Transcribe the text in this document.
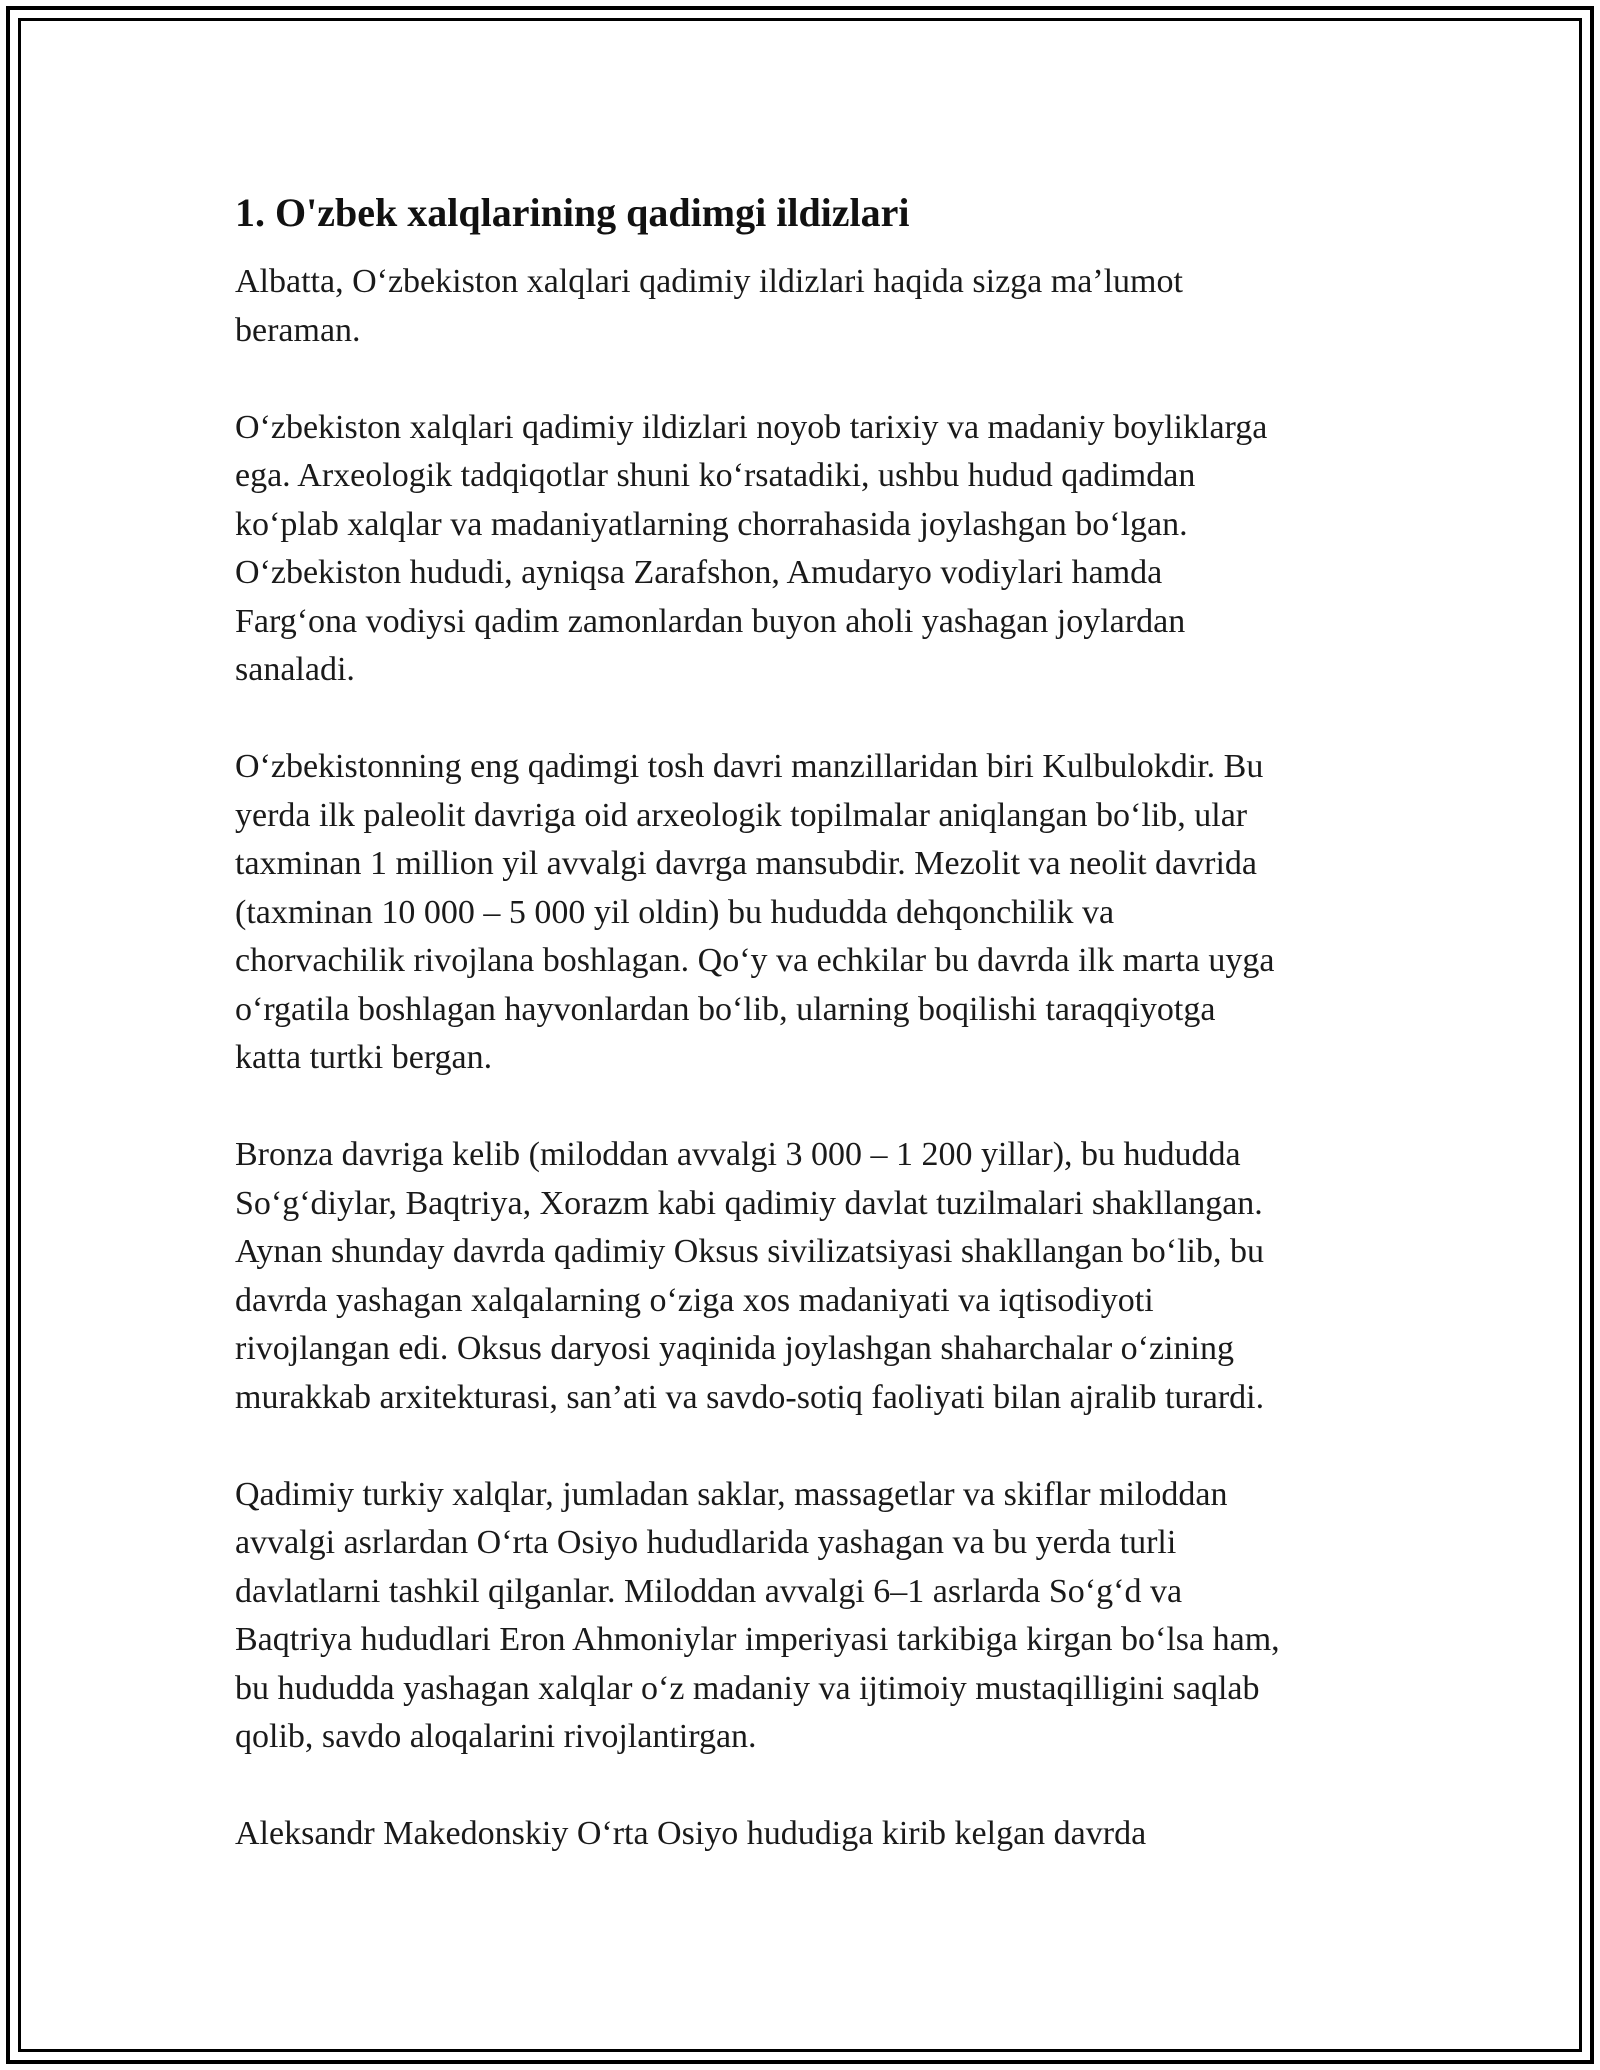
1. O'zbek xalqlarining qadimgi ildizlari

Albatta, O‘zbekiston xalqlari qadimiy ildizlari haqida sizga ma’lumot
beraman.

O‘zbekiston xalqlari qadimiy ildizlari noyob tarixiy va madaniy boyliklarga
ega. Arxeologik tadqiqotlar shuni ko‘rsatadiki, ushbu hudud qadimdan
ko‘plab xalqlar va madaniyatlarning chorrahasida joylashgan bo‘lgan.
O‘zbekiston hududi, ayniqsa Zarafshon, Amudaryo vodiylari hamda
Farg‘ona vodiysi qadim zamonlardan buyon aholi yashagan joylardan
sanaladi.

O‘zbekistonning eng qadimgi tosh davri manzillaridan biri Kulbulokdir. Bu
yerda ilk paleolit davriga oid arxeologik topilmalar aniqlangan bo‘lib, ular
taxminan 1 million yil avvalgi davrga mansubdir. Mezolit va neolit davrida
(taxminan 10 000 – 5 000 yil oldin) bu hududda dehqonchilik va
chorvachilik rivojlana boshlagan. Qo‘y va echkilar bu davrda ilk marta uyga
o‘rgatila boshlagan hayvonlardan bo‘lib, ularning boqilishi taraqqiyotga
katta turtki bergan.

Bronza davriga kelib (miloddan avvalgi 3 000 – 1 200 yillar), bu hududda
So‘g‘diylar, Baqtriya, Xorazm kabi qadimiy davlat tuzilmalari shakllangan.
Aynan shunday davrda qadimiy Oksus sivilizatsiyasi shakllangan bo‘lib, bu
davrda yashagan xalqalarning o‘ziga xos madaniyati va iqtisodiyoti
rivojlangan edi. Oksus daryosi yaqinida joylashgan shaharchalar o‘zining
murakkab arxitekturasi, san’ati va savdo-sotiq faoliyati bilan ajralib turardi.

Qadimiy turkiy xalqlar, jumladan saklar, massagetlar va skiflar miloddan
avvalgi asrlardan O‘rta Osiyo hududlarida yashagan va bu yerda turli
davlatlarni tashkil qilganlar. Miloddan avvalgi 6–1 asrlarda So‘g‘d va
Baqtriya hududlari Eron Ahmoniylar imperiyasi tarkibiga kirgan bo‘lsa ham,
bu hududda yashagan xalqlar o‘z madaniy va ijtimoiy mustaqilligini saqlab
qolib, savdo aloqalarini rivojlantirgan.

Aleksandr Makedonskiy O‘rta Osiyo hududiga kirib kelgan davrda
